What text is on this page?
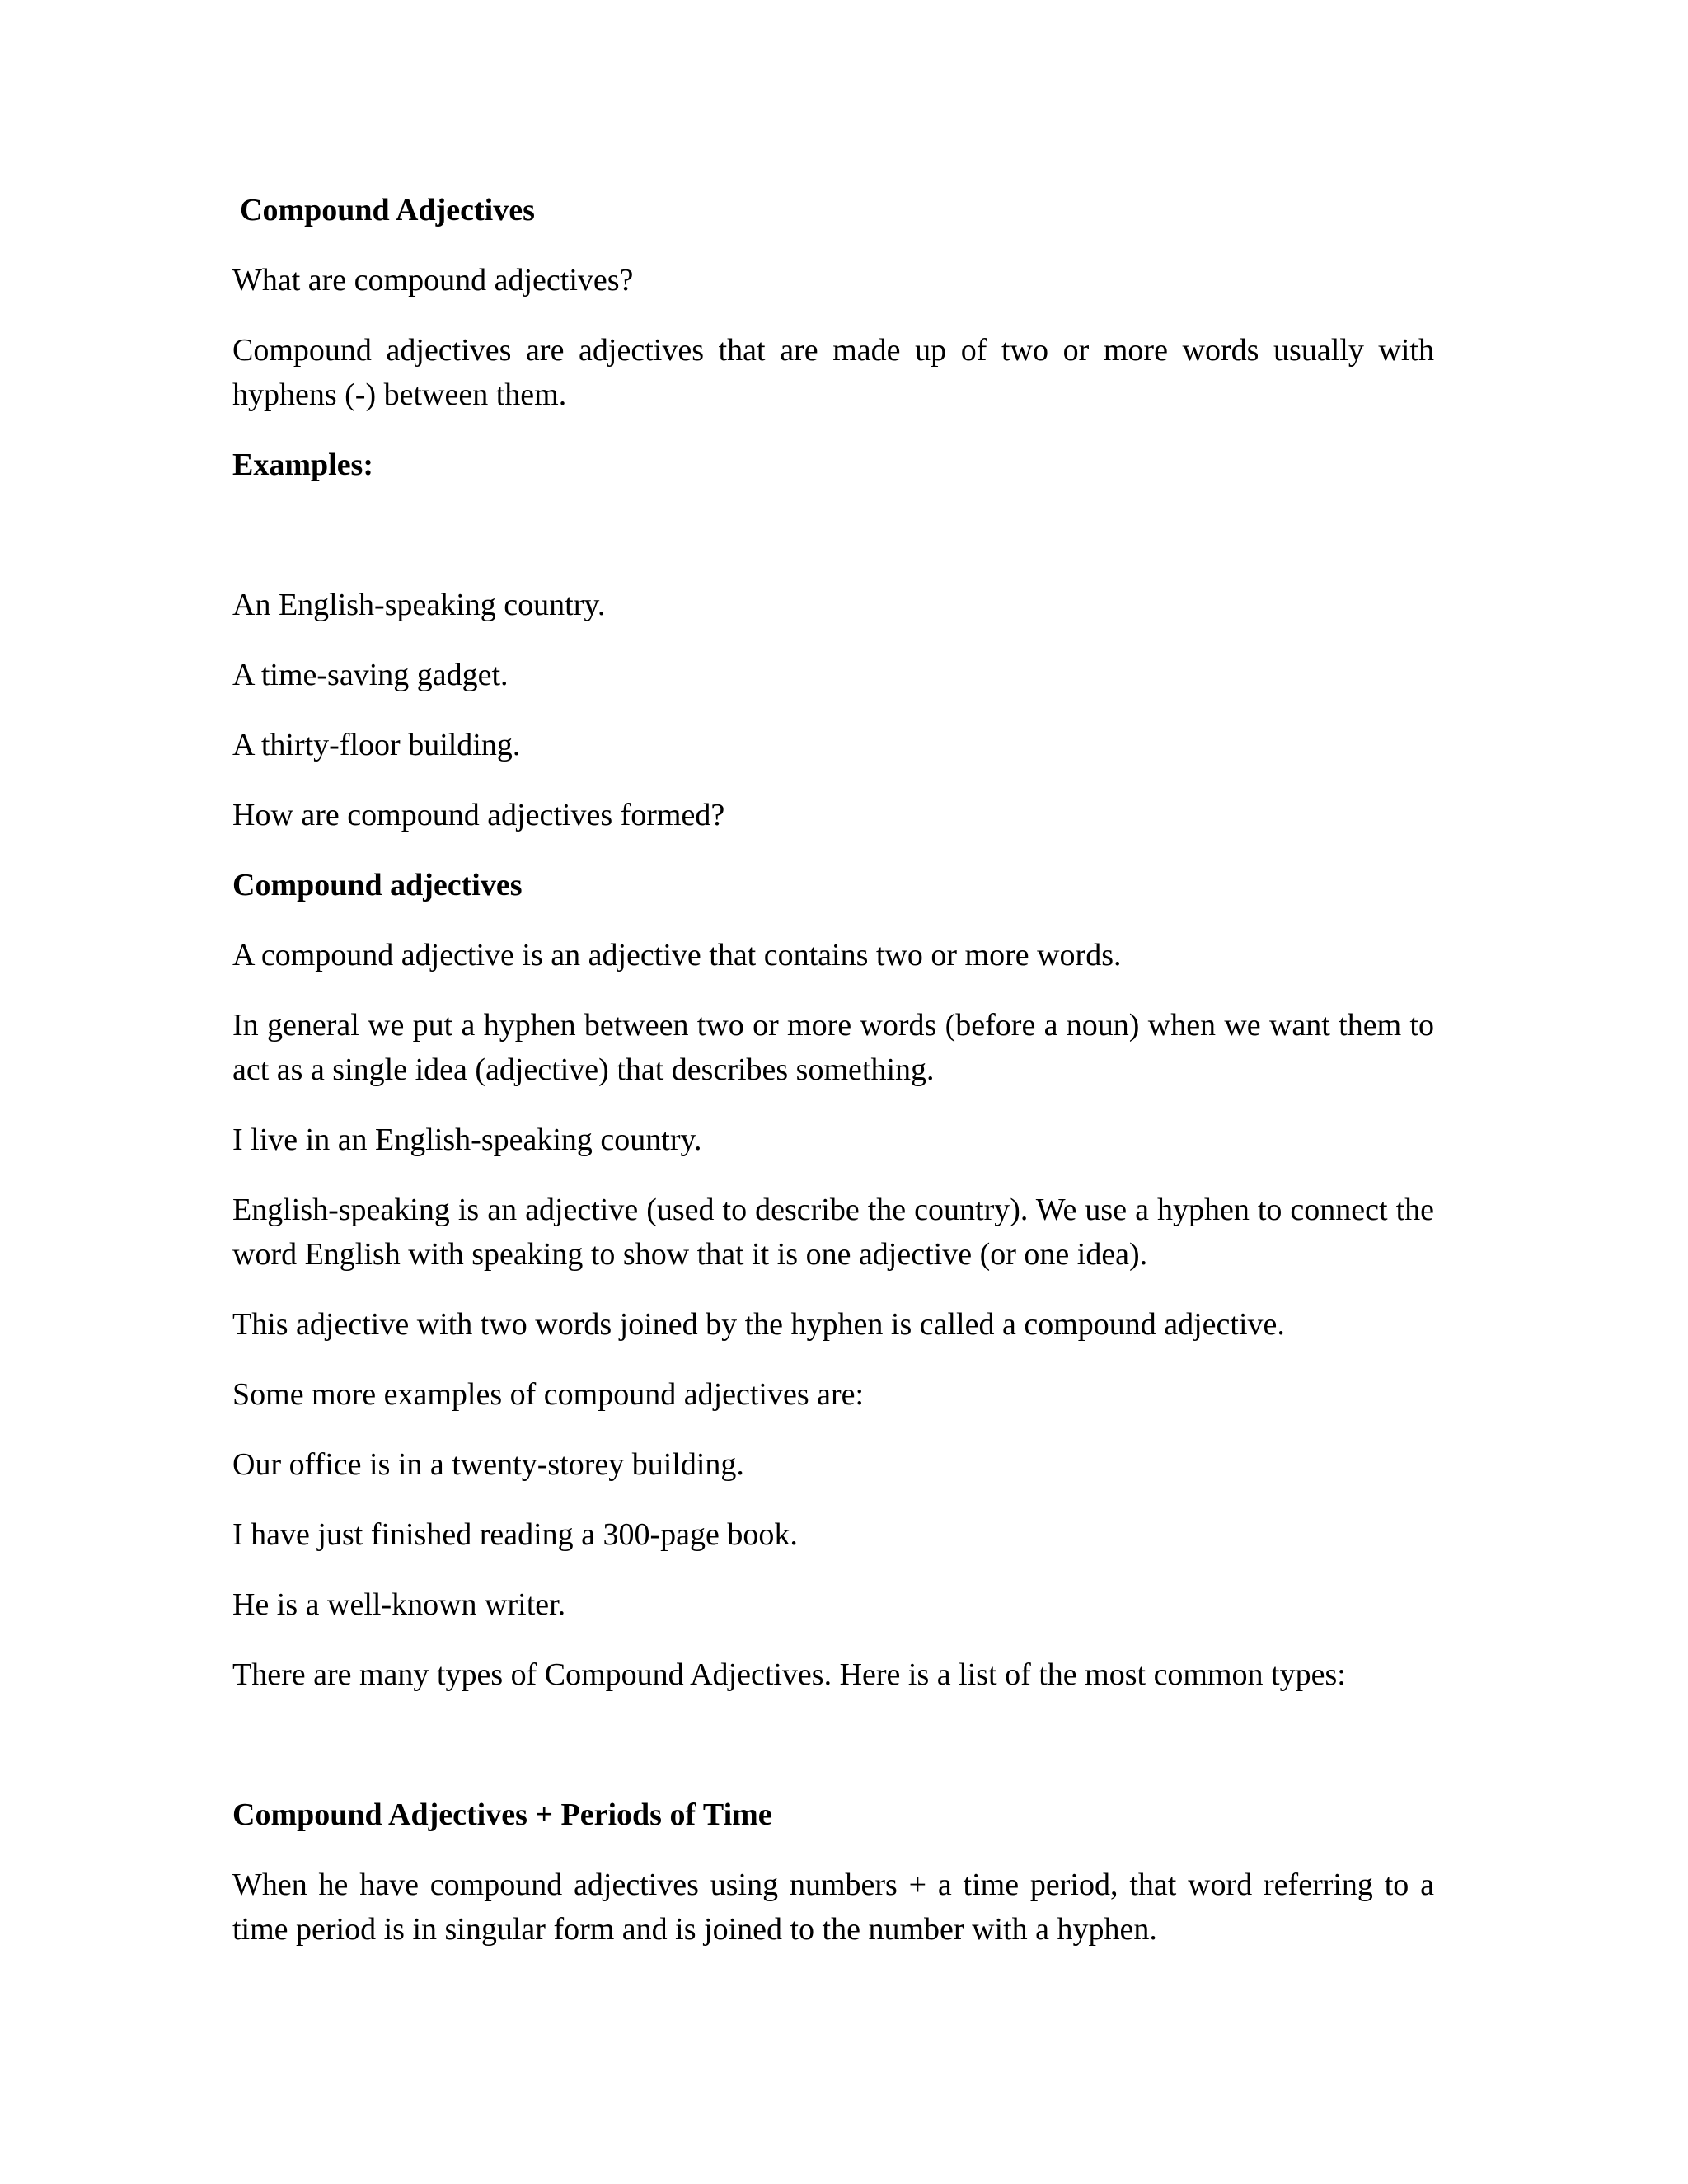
Compound Adjectives

What are compound adjectives?

Compound adjectives are adjectives that are made up of two or more words usually with hyphens (-) between them.

Examples:

An English-speaking country.

A time-saving gadget.

A thirty-floor building.

How are compound adjectives formed?

Compound adjectives

A compound adjective is an adjective that contains two or more words.

In general we put a hyphen between two or more words (before a noun) when we want them to act as a single idea (adjective) that describes something.

I live in an English-speaking country.

English-speaking is an adjective (used to describe the country). We use a hyphen to connect the word English with speaking to show that it is one adjective (or one idea).

This adjective with two words joined by the hyphen is called a compound adjective.

Some more examples of compound adjectives are:

Our office is in a twenty-storey building.

I have just finished reading a 300-page book.

He is a well-known writer.

There are many types of Compound Adjectives. Here is a list of the most common types:

Compound Adjectives + Periods of Time

When he have compound adjectives using numbers + a time period, that word referring to a time period is in singular form and is joined to the number with a hyphen.
